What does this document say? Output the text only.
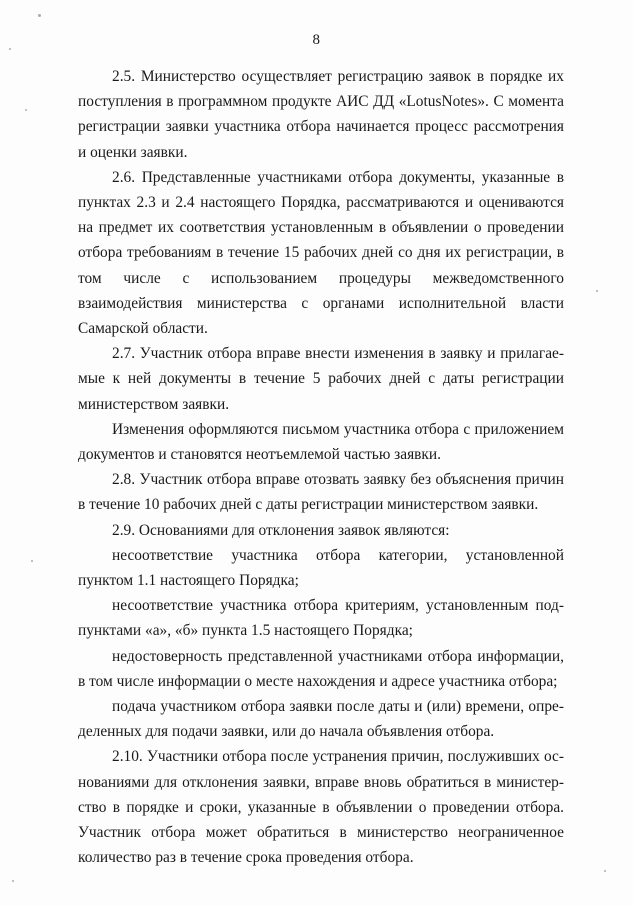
8

2.5. Министерство осуществляет регистрацию заявок в порядке их поступления в программном продукте АИС ДД «LotusNotes». С момента регистрации заявки участника отбора начинается процесс рассмотрения и оценки заявки.

2.6. Представленные участниками отбора документы, указанные в пунктах 2.3 и 2.4 настоящего Порядка, рассматриваются и оцениваются на предмет их соответствия установленным в объявлении о проведении отбора требованиям в течение 15 рабочих дней со дня их регистрации, в том числе с использованием процедуры межведомственного взаимодействия министерства с органами исполнительной власти Самарской области.

2.7. Участник отбора вправе внести изменения в заявку и прилагаемые к ней документы в течение 5 рабочих дней с даты регистрации министерством заявки.

Изменения оформляются письмом участника отбора с приложением документов и становятся неотъемлемой частью заявки.

2.8. Участник отбора вправе отозвать заявку без объяснения причин в течение 10 рабочих дней с даты регистрации министерством заявки.

2.9. Основаниями для отклонения заявок являются:

несоответствие участника отбора категории, установленной пунктом 1.1 настоящего Порядка;

несоответствие участника отбора критериям, установленным подпунктами «а», «б» пункта 1.5 настоящего Порядка;

недостоверность представленной участниками отбора информации, в том числе информации о месте нахождения и адресе участника отбора;

подача участником отбора заявки после даты и (или) времени, определенных для подачи заявки, или до начала объявления отбора.

2.10. Участники отбора после устранения причин, послуживших основаниями для отклонения заявки, вправе вновь обратиться в министерство в порядке и сроки, указанные в объявлении о проведении отбора. Участник отбора может обратиться в министерство неограниченное количество раз в течение срока проведения отбора.
